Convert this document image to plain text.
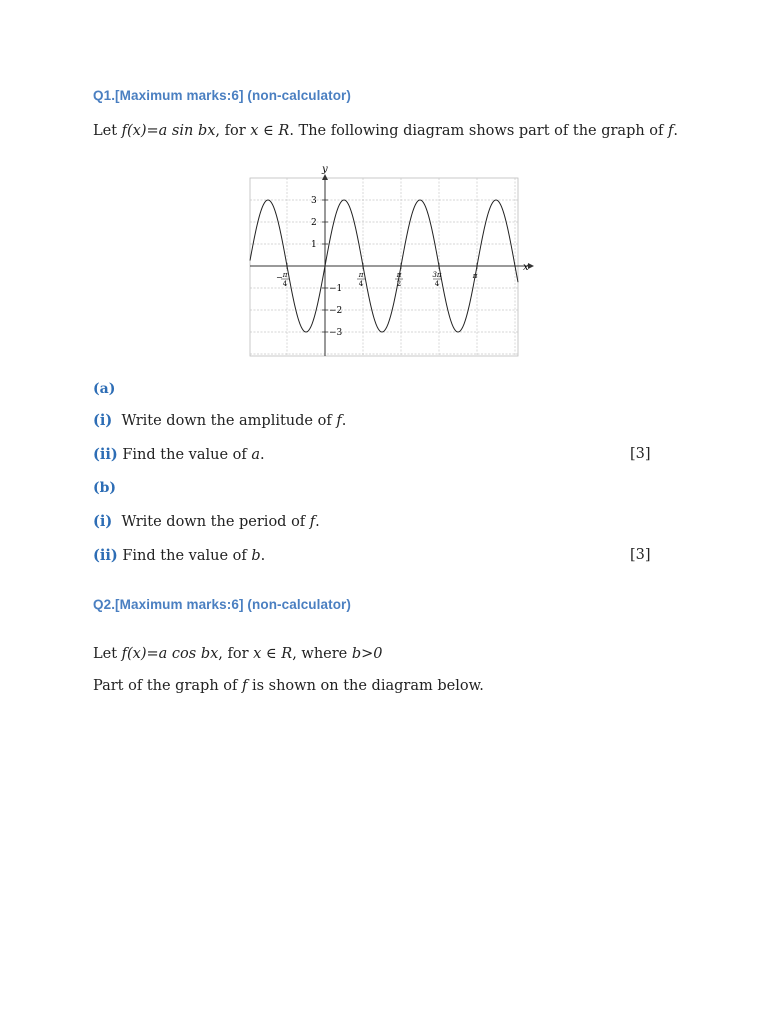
Q1.[Maximum marks:6] (non-calculator)
Let f(x)=a sin bx, for x ∈ R. The following diagram shows part of the graph of f.
x
y
3
2
1
−1
−2
−3
− π
4
π
4
π
2
3π
4
π
(a)
(i) Write down the amplitude of f.
(ii) Find the value of a.	[3]
(b)
(i) Write down the period of f.
(ii) Find the value of b.	[3]
Q2.[Maximum marks:6] (non-calculator)
Let f(x)=a cos bx, for x ∈ R, where b>0
Part of the graph of f is shown on the diagram below.
